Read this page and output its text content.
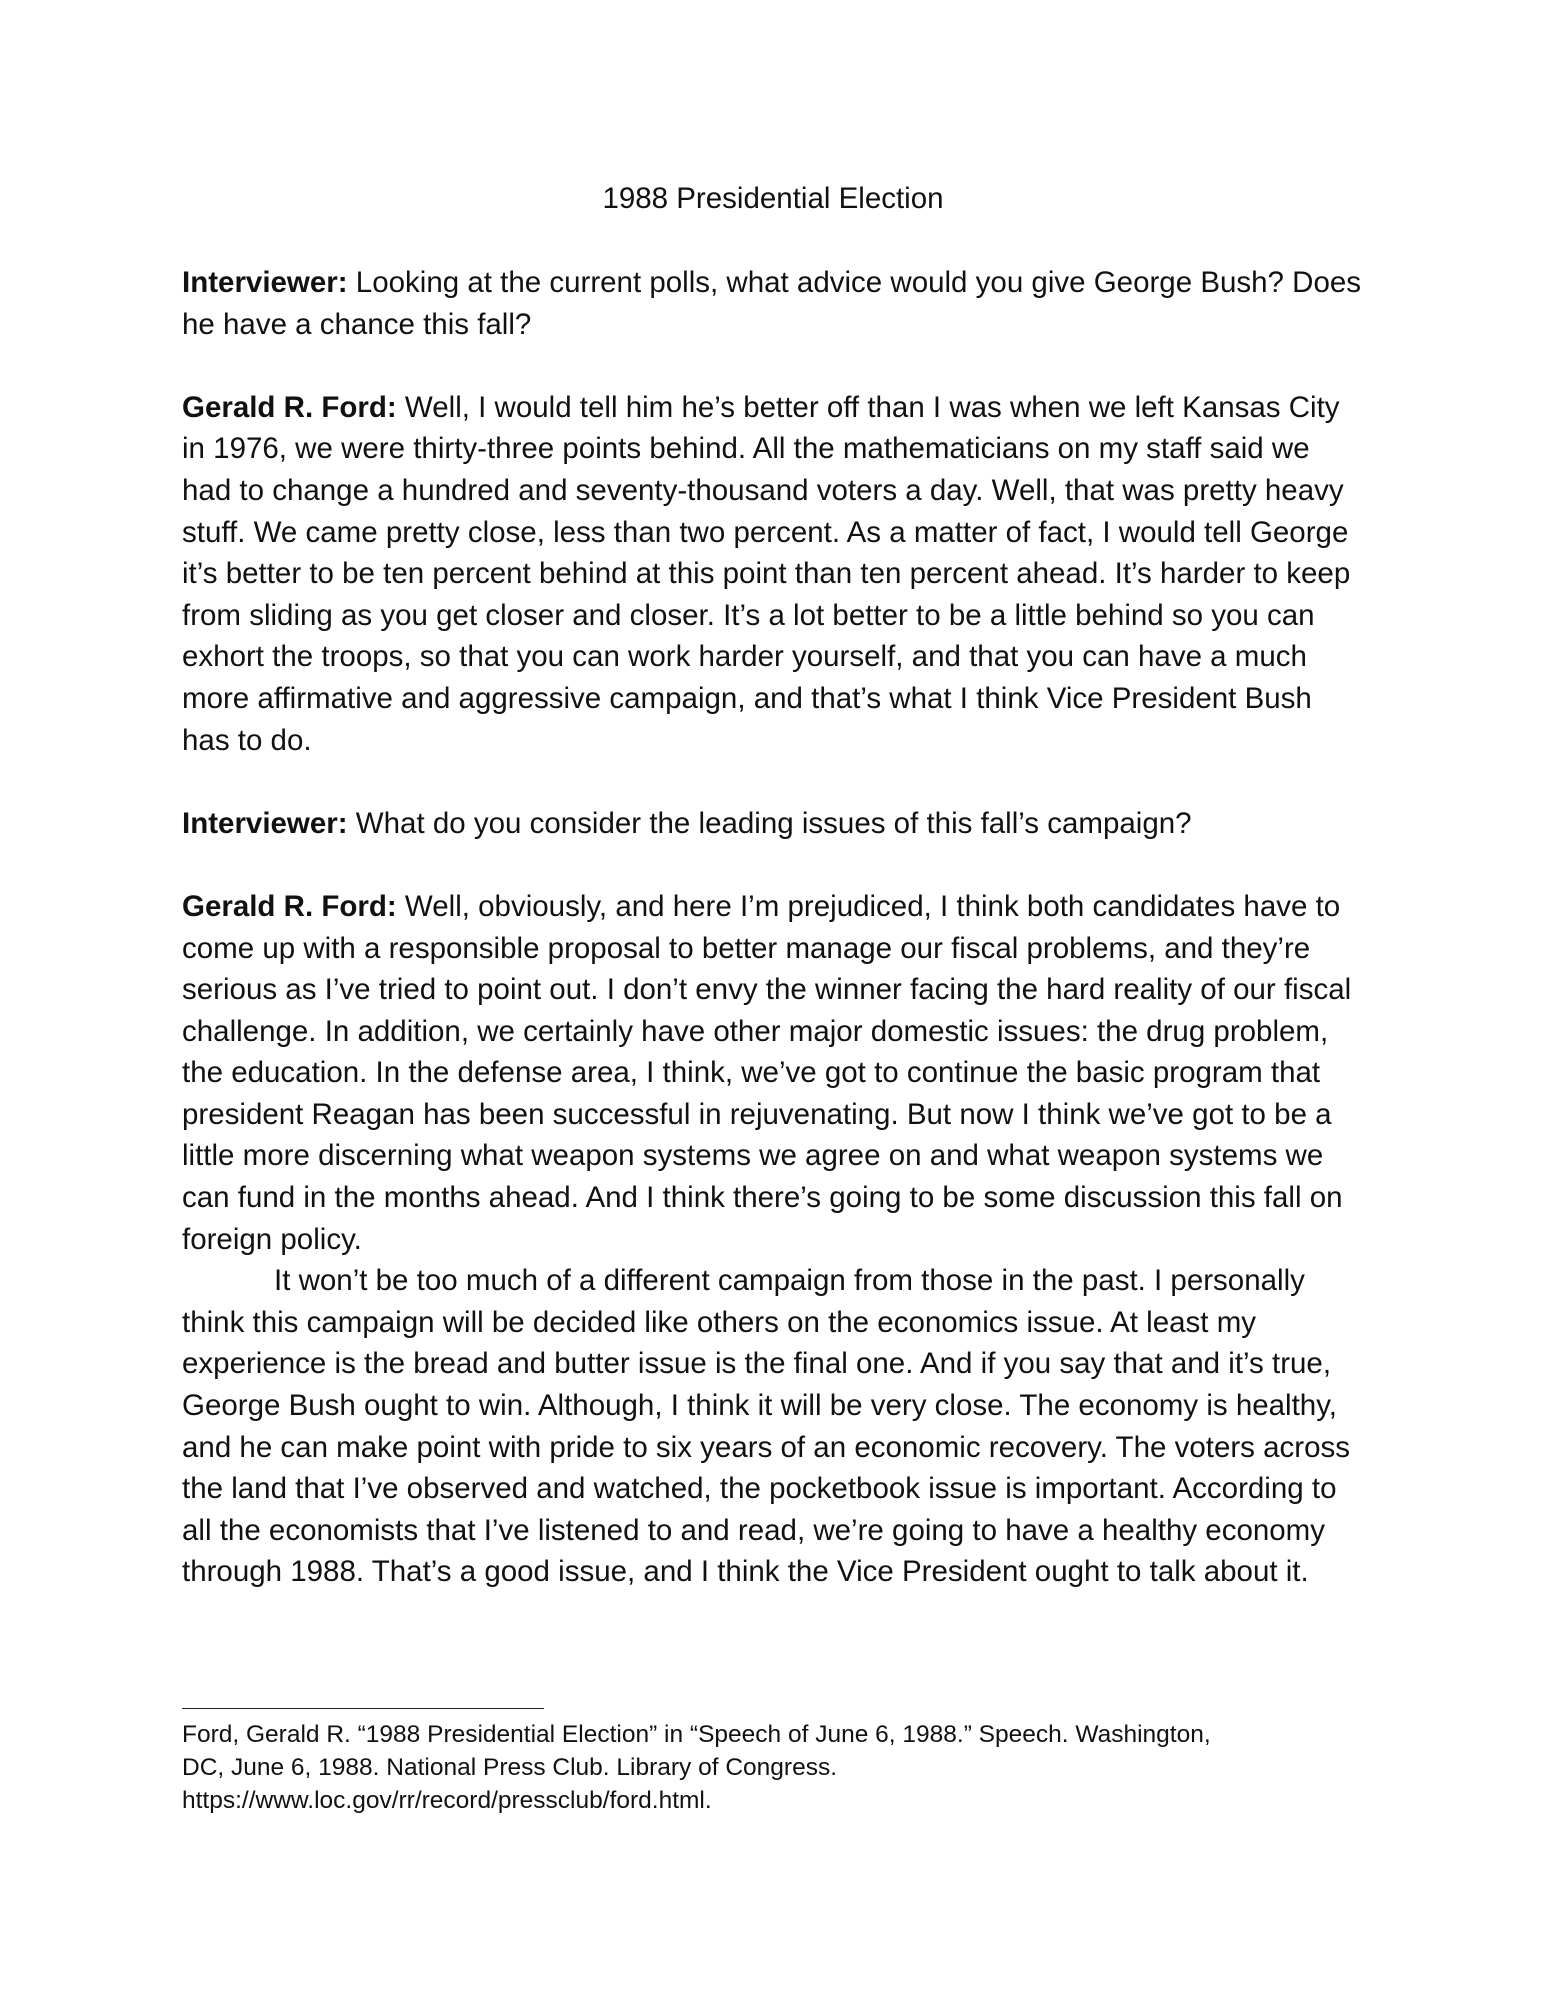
1988 Presidential Election

Interviewer: Looking at the current polls, what advice would you give George Bush? Does he have a chance this fall?

Gerald R. Ford: Well, I would tell him he’s better off than I was when we left Kansas City in 1976, we were thirty-three points behind. All the mathematicians on my staff said we had to change a hundred and seventy-thousand voters a day. Well, that was pretty heavy stuff. We came pretty close, less than two percent. As a matter of fact, I would tell George it’s better to be ten percent behind at this point than ten percent ahead. It’s harder to keep from sliding as you get closer and closer. It’s a lot better to be a little behind so you can exhort the troops, so that you can work harder yourself, and that you can have a much more affirmative and aggressive campaign, and that’s what I think Vice President Bush has to do.

Interviewer: What do you consider the leading issues of this fall’s campaign?

Gerald R. Ford: Well, obviously, and here I’m prejudiced, I think both candidates have to come up with a responsible proposal to better manage our fiscal problems, and they’re serious as I’ve tried to point out. I don’t envy the winner facing the hard reality of our fiscal challenge. In addition, we certainly have other major domestic issues: the drug problem, the education. In the defense area, I think, we’ve got to continue the basic program that president Reagan has been successful in rejuvenating. But now I think we’ve got to be a little more discerning what weapon systems we agree on and what weapon systems we can fund in the months ahead. And I think there’s going to be some discussion this fall on foreign policy.

It won’t be too much of a different campaign from those in the past. I personally think this campaign will be decided like others on the economics issue. At least my experience is the bread and butter issue is the final one. And if you say that and it’s true, George Bush ought to win. Although, I think it will be very close. The economy is healthy, and he can make point with pride to six years of an economic recovery. The voters across the land that I’ve observed and watched, the pocketbook issue is important. According to all the economists that I’ve listened to and read, we’re going to have a healthy economy through 1988. That’s a good issue, and I think the Vice President ought to talk about it.

Ford, Gerald R. “1988 Presidential Election” in “Speech of June 6, 1988.” Speech. Washington,
DC, June 6, 1988. National Press Club. Library of Congress.
https://www.loc.gov/rr/record/pressclub/ford.html.
